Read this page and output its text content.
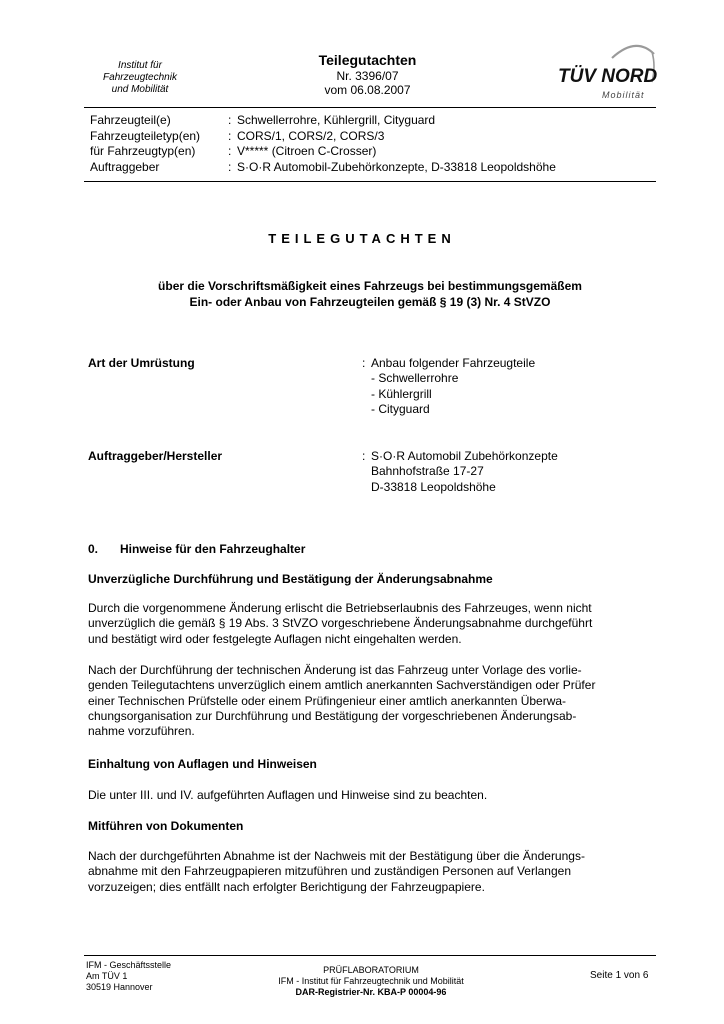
Institut für
Fahrzeugtechnik
und Mobilität
Teilegutachten
Nr. 3396/07
vom 06.08.2007
TÜV NORD
Mobilität
Fahrzeugteil(e)	: Schwellerrohre, Kühlergrill, Cityguard
Fahrzeugteiletyp(en)	: CORS/1, CORS/2, CORS/3
für Fahrzeugtyp(en)	: V***** (Citroen C-Crosser)
Auftraggeber	: S·O·R Automobil-Zubehörkonzepte, D-33818 Leopoldshöhe
TEILEGUTACHTEN
über die Vorschriftsmäßigkeit eines Fahrzeugs bei bestimmungsgemäßem
Ein- oder Anbau von Fahrzeugteilen gemäß § 19 (3) Nr. 4 StVZO
Art der Umrüstung	: Anbau folgender Fahrzeugteile
- Schwellerrohre
- Kühlergrill
- Cityguard
Auftraggeber/Hersteller	: S·O·R Automobil Zubehörkonzepte
Bahnhofstraße 17-27
D-33818 Leopoldshöhe
0. Hinweise für den Fahrzeughalter
Unverzügliche Durchführung und Bestätigung der Änderungsabnahme
Durch die vorgenommene Änderung erlischt die Betriebserlaubnis des Fahrzeuges, wenn nicht
unverzüglich die gemäß § 19 Abs. 3 StVZO vorgeschriebene Änderungsabnahme durchgeführt
und bestätigt wird oder festgelegte Auflagen nicht eingehalten werden.
Nach der Durchführung der technischen Änderung ist das Fahrzeug unter Vorlage des vorlie-
genden Teilegutachtens unverzüglich einem amtlich anerkannten Sachverständigen oder Prüfer
einer Technischen Prüfstelle oder einem Prüfingenieur einer amtlich anerkannten Überwa-
chungsorganisation zur Durchführung und Bestätigung der vorgeschriebenen Änderungsab-
nahme vorzuführen.
Einhaltung von Auflagen und Hinweisen
Die unter III. und IV. aufgeführten Auflagen und Hinweise sind zu beachten.
Mitführen von Dokumenten
Nach der durchgeführten Abnahme ist der Nachweis mit der Bestätigung über die Änderungs-
abnahme mit den Fahrzeugpapieren mitzuführen und zuständigen Personen auf Verlangen
vorzuzeigen; dies entfällt nach erfolgter Berichtigung der Fahrzeugpapiere.
IFM - Geschäftsstelle
Am TÜV 1
30519 Hannover
PRÜFLABORATORIUM
IFM - Institut für Fahrzeugtechnik und Mobilität
DAR-Registrier-Nr. KBA-P 00004-96
Seite 1 von 6
